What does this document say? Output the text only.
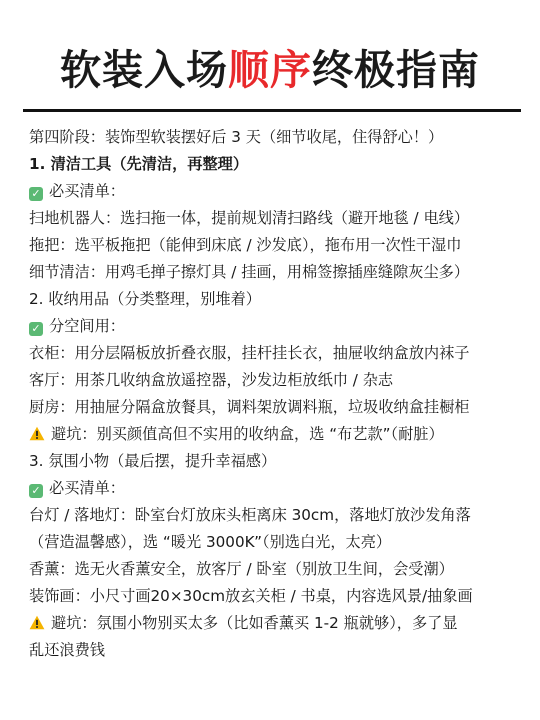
软装入场顺序终极指南
第四阶段：装饰型软装摆好后 3 天（细节收尾，住得舒心！）
1. 清洁工具（先清洁，再整理）
✓ 必买清单：
扫地机器人：选扫拖一体，提前规划清扫路线（避开地毯 / 电线）
拖把：选平板拖把（能伸到床底 / 沙发底），拖布用一次性干湿巾
细节清洁：用鸡毛掸子擦灯具 / 挂画，用棉签擦插座缝隙灰尘多）
2. 收纳用品（分类整理，别堆着）
✓ 分空间用：
衣柜：用分层隔板放折叠衣服，挂杆挂长衣，抽屉收纳盒放内袜子
客厅：用茶几收纳盒放遥控器，沙发边柜放纸巾 / 杂志
厨房：用抽屉分隔盒放餐具，调料架放调料瓶，垃圾收纳盒挂橱柜
避坑：别买颜值高但不实用的收纳盒，选 “布艺款”（耐脏）
3. 氛围小物（最后摆，提升幸福感）
✓ 必买清单：
台灯 / 落地灯：卧室台灯放床头柜离床 30cm，落地灯放沙发角落
（营造温馨感），选 “暖光 3000K”（别选白光，太亮）
香薰：选无火香薰安全，放客厅 / 卧室（别放卫生间，会受潮）
装饰画：小尺寸画20×30cm放玄关柜 / 书桌，内容选风景/抽象画
避坑：氛围小物别买太多（比如香薰买 1-2 瓶就够），多了显
乱还浪费钱
